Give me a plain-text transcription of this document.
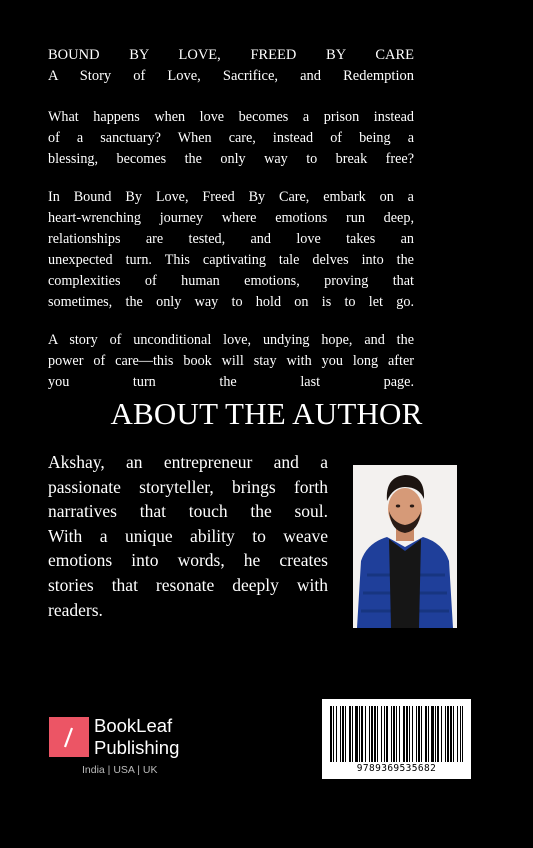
BOUND BY LOVE, FREED BY CARE
A Story of Love, Sacrifice, and Redemption
What happens when love becomes a prison instead
of a sanctuary? When care, instead of being a
blessing, becomes the only way to break free?
In Bound By Love, Freed By Care, embark on a
heart-wrenching journey where emotions run deep,
relationships are tested, and love takes an
unexpected turn. This captivating tale delves into the
complexities of human emotions, proving that
sometimes, the only way to hold on is to let go.
A story of unconditional love, undying hope, and the
power of care—this book will stay with you long after
you turn the last page.
ABOUT THE AUTHOR
Akshay, an entrepreneur and a
passionate storyteller, brings forth
narratives that touch the soul.
With a unique ability to weave
emotions into words, he creates
stories that resonate deeply with
readers.
BookLeaf
Publishing
India | USA | UK	9789369535682
